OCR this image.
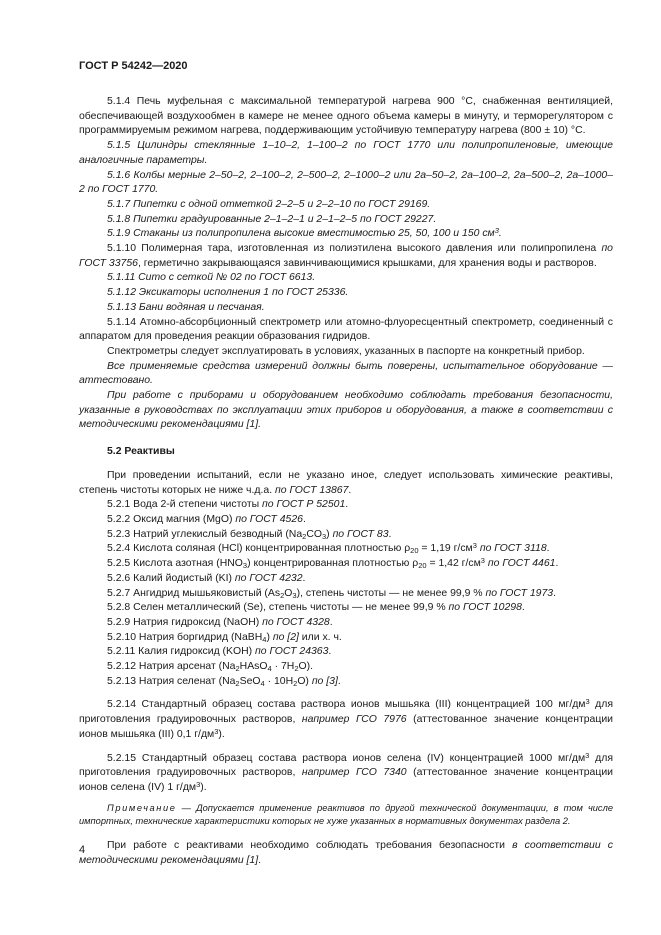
ГОСТ Р 54242—2020

5.1.4 Печь муфельная с максимальной температурой нагрева 900 °С, снабженная вентиляцией, обеспечивающей воздухообмен в камере не менее одного объема камеры в минуту, и терморегулятором с программируемым режимом нагрева, поддерживающим устойчивую температуру нагрева (800 ± 10) °С.

5.1.5 Цилиндры стеклянные 1–10–2, 1–100–2 по ГОСТ 1770 или полипропиленовые, имеющие аналогичные параметры.

5.1.6 Колбы мерные 2–50–2, 2–100–2, 2–500–2, 2–1000–2 или 2а–50–2, 2а–100–2, 2а–500–2, 2а–1000–2 по ГОСТ 1770.

5.1.7 Пипетки с одной отметкой 2–2–5 и 2–2–10 по ГОСТ 29169.

5.1.8 Пипетки градуированные 2–1–2–1 и 2–1–2–5 по ГОСТ 29227.

5.1.9 Стаканы из полипропилена высокие вместимостью 25, 50, 100 и 150 $см^3$.

5.1.10 Полимерная тара, изготовленная из полиэтилена высокого давления или полипропилена по ГОСТ 33756, герметично закрывающаяся завинчивающимися крышками, для хранения воды и растворов.

5.1.11 Сито с сеткой № 02 по ГОСТ 6613.

5.1.12 Эксикаторы исполнения 1 по ГОСТ 25336.

5.1.13 Бани водяная и песчаная.

5.1.14 Атомно-абсорбционный спектрометр или атомно-флуоресцентный спектрометр, соединенный с аппаратом для проведения реакции образования гидридов.

Спектрометры следует эксплуатировать в условиях, указанных в паспорте на конкретный прибор.

Все применяемые средства измерений должны быть поверены, испытательное оборудование — аттестовано.

При работе с приборами и оборудованием необходимо соблюдать требования безопасности, указанные в руководствах по эксплуатации этих приборов и оборудования, а также в соответствии с методическими рекомендациями [1].

5.2 Реактивы

При проведении испытаний, если не указано иное, следует использовать химические реактивы, степень чистоты которых не ниже ч.д.а. по ГОСТ 13867.

5.2.1 Вода 2-й степени чистоты по ГОСТ Р 52501.

5.2.2 Оксид магния (MgO) по ГОСТ 4526.

5.2.3 Натрий углекислый безводный $(Na_2CO_3)$ по ГОСТ 83.

5.2.4 Кислота соляная (HCl) концентрированная плотностью $\rho_{20} = 1,19$ $г/см^3$ по ГОСТ 3118.

5.2.5 Кислота азотная $(HNO_3)$ концентрированная плотностью $\rho_{20} = 1,42$ $г/см^3$ по ГОСТ 4461.

5.2.6 Калий йодистый (KI) по ГОСТ 4232.

5.2.7 Ангидрид мышьяковистый $(As_2O_3)$, степень чистоты — не менее 99,9 % по ГОСТ 1973.

5.2.8 Селен металлический (Se), степень чистоты — не менее 99,9 % по ГОСТ 10298.

5.2.9 Натрия гидроксид (NaOH) по ГОСТ 4328.

5.2.10 Натрия боргидрид (NaBH$_4$) по [2] или х. ч.

5.2.11 Калия гидроксид (KOH) по ГОСТ 24363.

5.2.12 Натрия арсенат $(Na_2HAsO_4 \cdot 7H_2O)$.

5.2.13 Натрия селенат $(Na_2SeO_4 \cdot 10H_2O)$ по [3].

5.2.14 Стандартный образец состава раствора ионов мышьяка (III) концентрацией 100 $мг/дм^3$ для приготовления градуировочных растворов, например ГСО 7976 (аттестованное значение концентрации ионов мышьяка (III) 0,1 $г/дм^3$).

5.2.15 Стандартный образец состава раствора ионов селена (IV) концентрацией 1000 $мг/дм^3$ для приготовления градуировочных растворов, например ГСО 7340 (аттестованное значение концентрации ионов селена (IV) 1 $г/дм^3$).

Примечание — Допускается применение реактивов по другой технической документации, в том числе импортных, технические характеристики которых не хуже указанных в нормативных документах раздела 2.

При работе с реактивами необходимо соблюдать требования безопасности в соответствии с методическими рекомендациями [1].

4
